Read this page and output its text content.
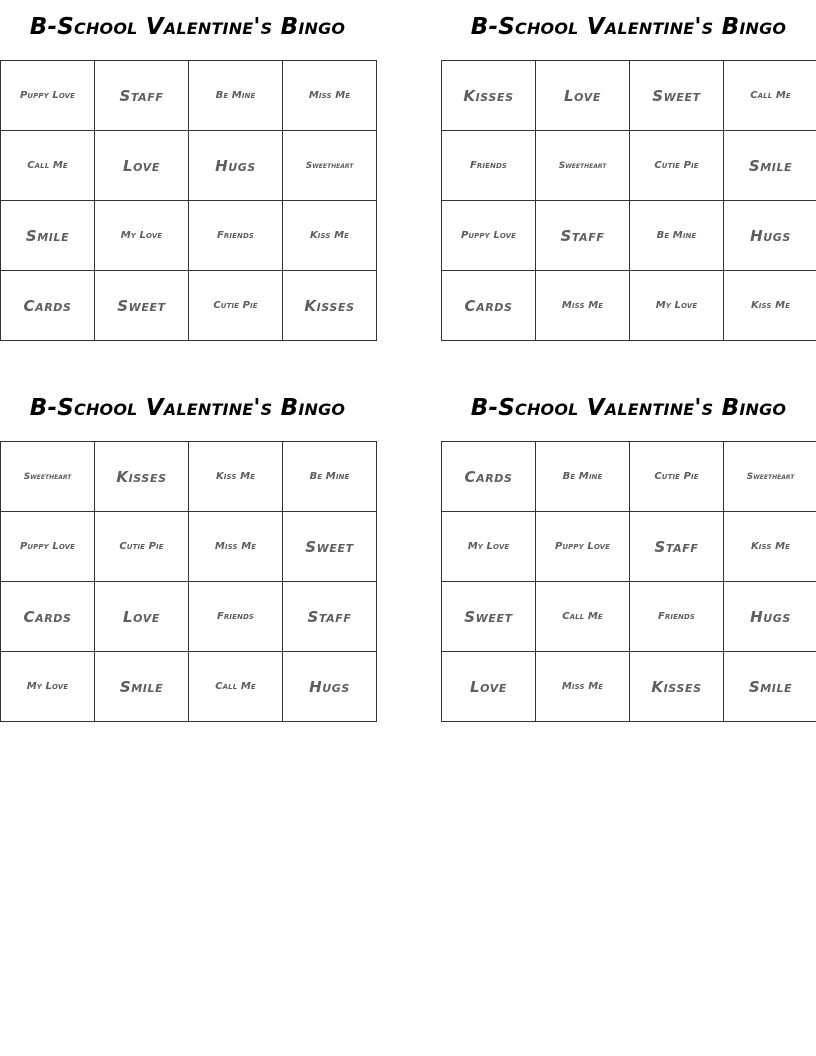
B-School Valentine's Bingo
Puppy Love	Staff	Be Mine	Miss Me
Call Me	Love	Hugs	Sweetheart
Smile	My Love	Friends	Kiss Me
Cards	Sweet	Cutie Pie	Kisses
B-School Valentine's Bingo
Kisses	Love	Sweet	Call Me
Friends	Sweetheart	Cutie Pie	Smile
Puppy Love	Staff	Be Mine	Hugs
Cards	Miss Me	My Love	Kiss Me
B-School Valentine's Bingo
Sweetheart	Kisses	Kiss Me	Be Mine
Puppy Love	Cutie Pie	Miss Me	Sweet
Cards	Love	Friends	Staff
My Love	Smile	Call Me	Hugs
B-School Valentine's Bingo
Cards	Be Mine	Cutie Pie	Sweetheart
My Love	Puppy Love	Staff	Kiss Me
Sweet	Call Me	Friends	Hugs
Love	Miss Me	Kisses	Smile
